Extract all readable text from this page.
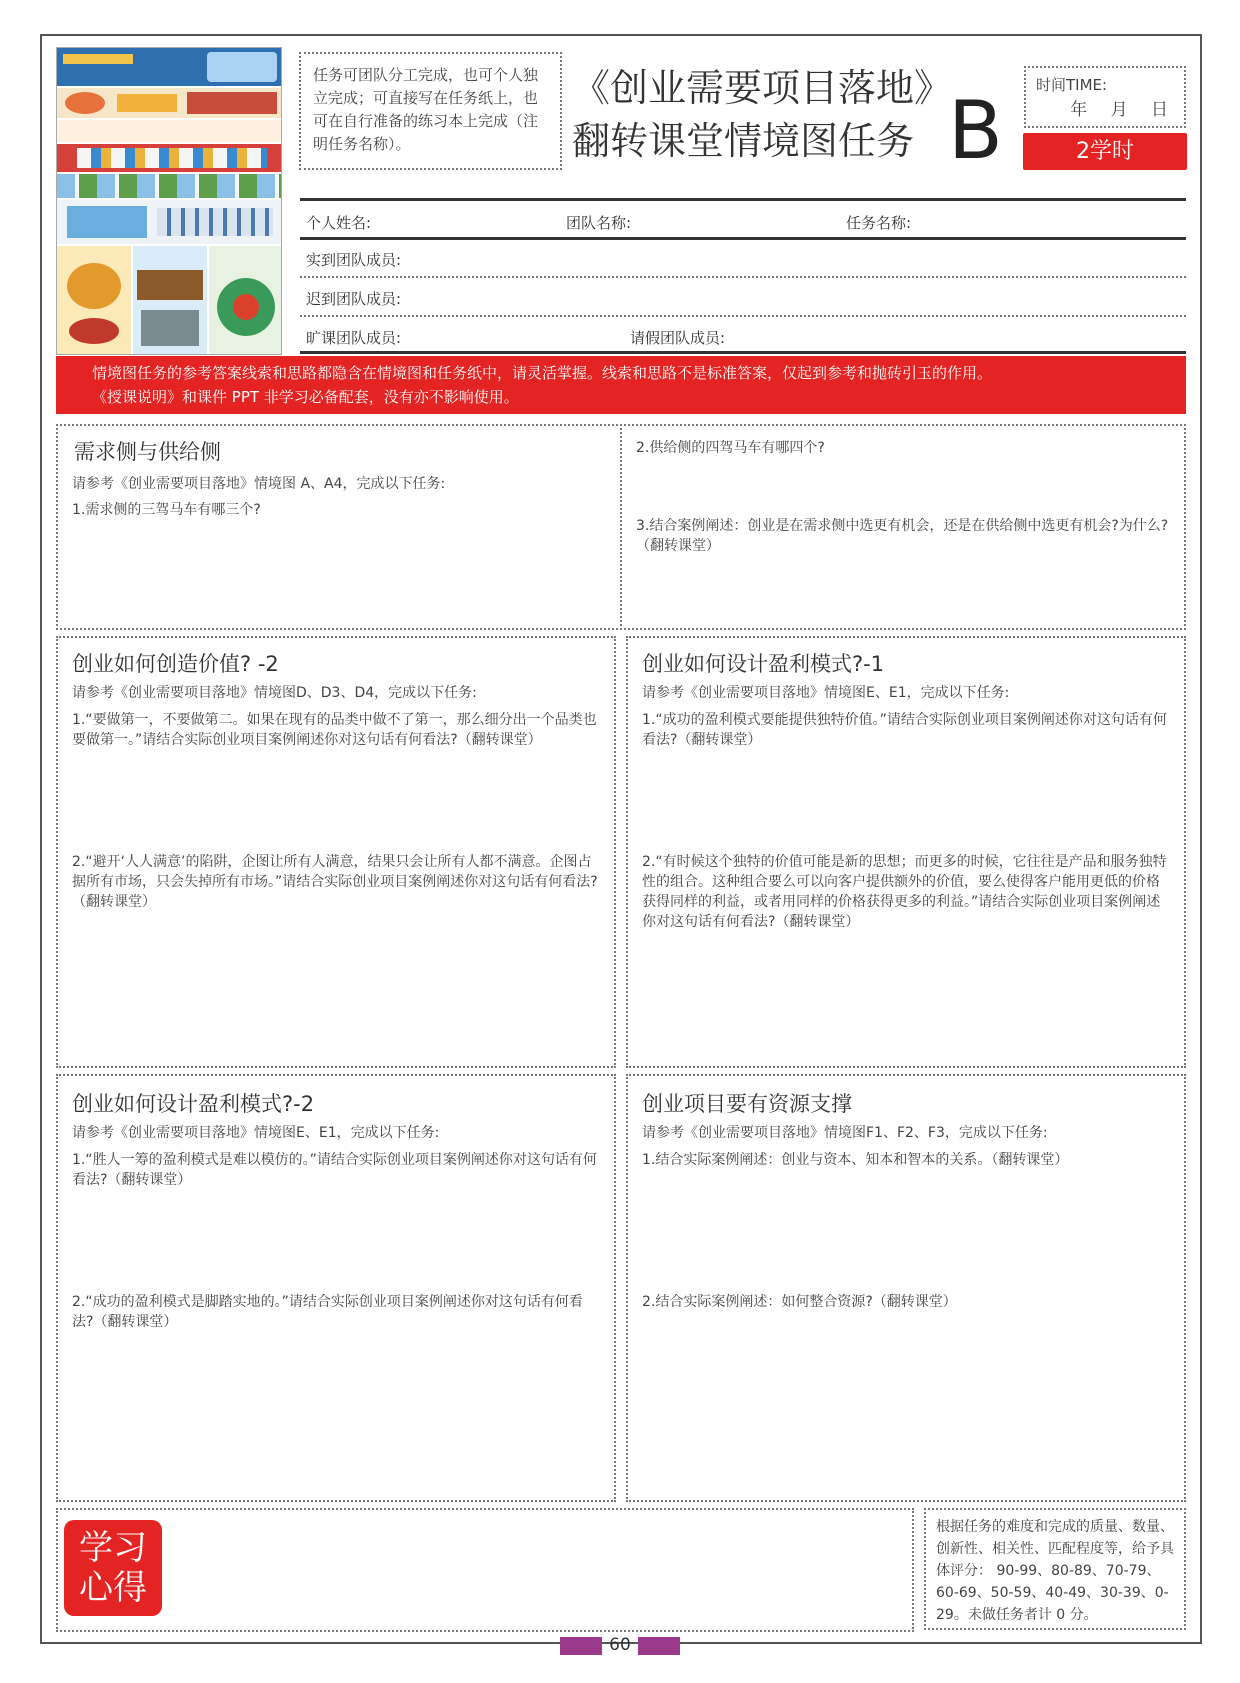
任务可团队分工完成，也可个人独立完成；可直接写在任务纸上，也可在自行准备的练习本上完成（注明任务名称）。
《创业需要项目落地》
翻转课堂情境图任务 B	时间TIME:
年 月 日
2学时
个人姓名:	团队名称:	任务名称:
实到团队成员:
迟到团队成员:
旷课团队成员:	请假团队成员:
情境图任务的参考答案线索和思路都隐含在情境图和任务纸中，请灵活掌握。线索和思路不是标准答案，仅起到参考和抛砖引玉的作用。
《授课说明》和课件 PPT 非学习必备配套，没有亦不影响使用。
需求侧与供给侧
请参考《创业需要项目落地》情境图 A、A4，完成以下任务:
1.需求侧的三驾马车有哪三个?
2.供给侧的四驾马车有哪四个?
3.结合案例阐述：创业是在需求侧中选更有机会，还是在供给侧中选更有机会?为什么?（翻转课堂）
创业如何创造价值? -2
请参考《创业需要项目落地》情境图D、D3、D4，完成以下任务:
1.“要做第一，不要做第二。如果在现有的品类中做不了第一，那么细分出一个品类也要做第一。”请结合实际创业项目案例阐述你对这句话有何看法?（翻转课堂）
2.“避开‘人人满意’的陷阱，企图让所有人满意，结果只会让所有人都不满意。企图占据所有市场，只会失掉所有市场。”请结合实际创业项目案例阐述你对这句话有何看法?（翻转课堂）
创业如何设计盈利模式?-1
请参考《创业需要项目落地》情境图E、E1，完成以下任务:
1.“成功的盈利模式要能提供独特价值。”请结合实际创业项目案例阐述你对这句话有何看法?（翻转课堂）
2.“有时候这个独特的价值可能是新的思想；而更多的时候，它往往是产品和服务独特性的组合。这种组合要么可以向客户提供额外的价值，要么使得客户能用更低的价格获得同样的利益，或者用同样的价格获得更多的利益。”请结合实际创业项目案例阐述你对这句话有何看法?（翻转课堂）
创业如何设计盈利模式?-2
请参考《创业需要项目落地》情境图E、E1，完成以下任务:
1.“胜人一筹的盈利模式是难以模仿的。”请结合实际创业项目案例阐述你对这句话有何看法?（翻转课堂）
2.“成功的盈利模式是脚踏实地的。”请结合实际创业项目案例阐述你对这句话有何看法?（翻转课堂）
创业项目要有资源支撑
请参考《创业需要项目落地》情境图F1、F2、F3，完成以下任务:
1.结合实际案例阐述：创业与资本、知本和智本的关系。（翻转课堂）
2.结合实际案例阐述：如何整合资源?（翻转课堂）
学习心得
根据任务的难度和完成的质量、数量、创新性、相关性、匹配程度等，给予具体评分： 90-99、80-89、70-79、60-69、50-59、40-49、30-39、0-29。未做任务者计 0 分。
60
